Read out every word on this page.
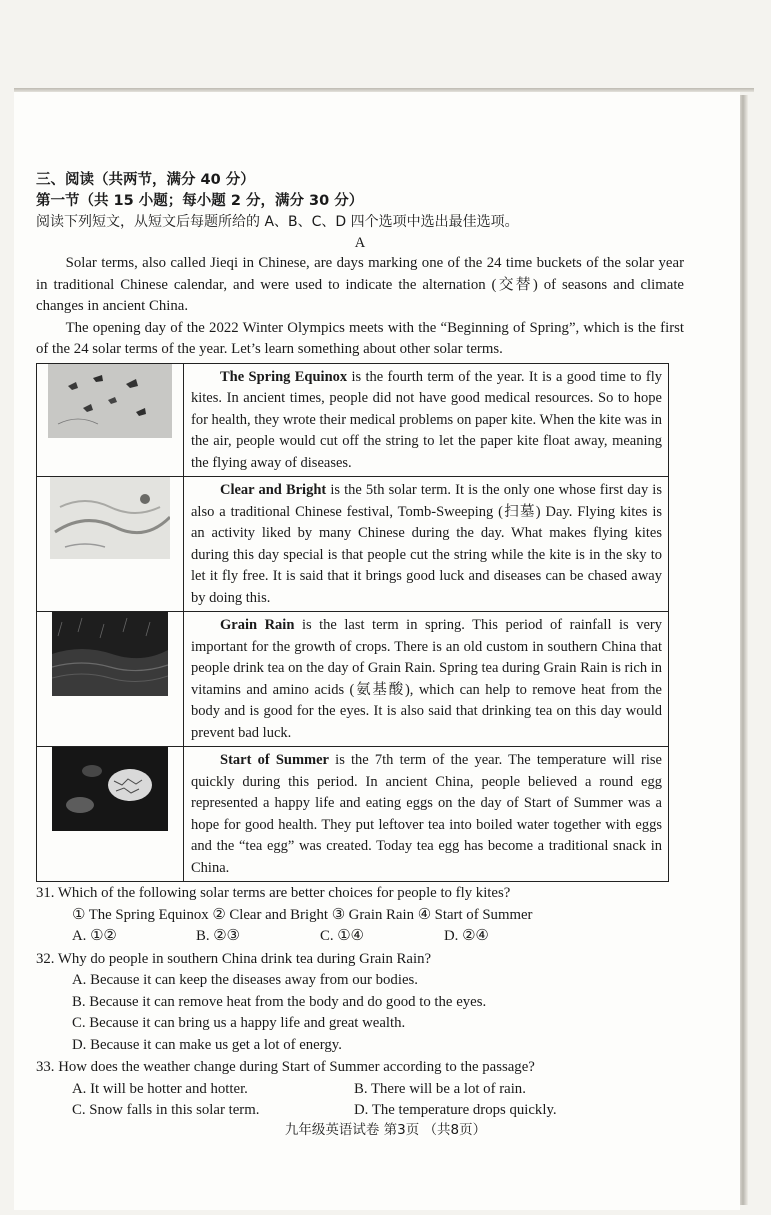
三、阅读（共两节，满分 40 分）
第一节（共 15 小题；每小题 2 分，满分 30 分）
阅读下列短文，从短文后每题所给的 A、B、C、D 四个选项中选出最佳选项。
A

Solar terms, also called Jieqi in Chinese, are days marking one of the 24 time buckets of the solar year in traditional Chinese calendar, and were used to indicate the alternation (交替) of seasons and climate changes in ancient China.

The opening day of the 2022 Winter Olympics meets with the “Beginning of Spring”, which is the first of the 24 solar terms of the year. Let’s learn something about other solar terms.

	The Spring Equinox is the fourth term of the year. It is a good time to fly kites. In ancient times, people did not have good medical resources. So to hope for health, they wrote their medical problems on paper kite. When the kite was in the air, people would cut off the string to let the paper kite float away, meaning the flying away of diseases.

	Clear and Bright is the 5th solar term. It is the only one whose first day is also a traditional Chinese festival, Tomb-Sweeping (扫墓) Day. Flying kites is an activity liked by many Chinese during the day. What makes flying kites during this day special is that people cut the string while the kite is in the sky to let it fly free. It is said that it brings good luck and diseases can be chased away by doing this.

	Grain Rain is the last term in spring. This period of rainfall is very important for the growth of crops. There is an old custom in southern China that people drink tea on the day of Grain Rain. Spring tea during Grain Rain is rich in vitamins and amino acids (氨基酸), which can help to remove heat from the body and is good for the eyes. It is also said that drinking tea on this day would prevent bad luck.

	Start of Summer is the 7th term of the year. The temperature will rise quickly during this period. In ancient China, people believed a round egg represented a happy life and eating eggs on the day of Start of Summer was a hope for good health. They put leftover tea into boiled water together with eggs and the “tea egg” was created. Today tea egg has become a traditional snack in China.
31. Which of the following solar terms are better choices for people to fly kites?
① The Spring Equinox ② Clear and Bright ③ Grain Rain ④ Start of Summer
A. ①②	B. ②③	C. ①④	D. ②④
32. Why do people in southern China drink tea during Grain Rain?
A. Because it can keep the diseases away from our bodies.
B. Because it can remove heat from the body and do good to the eyes.
C. Because it can bring us a happy life and great wealth.
D. Because it can make us get a lot of energy.
33. How does the weather change during Start of Summer according to the passage?
A. It will be hotter and hotter.	B. There will be a lot of rain.
C. Snow falls in this solar term.	D. The temperature drops quickly.
九年级英语试卷 第3页 （共8页）
